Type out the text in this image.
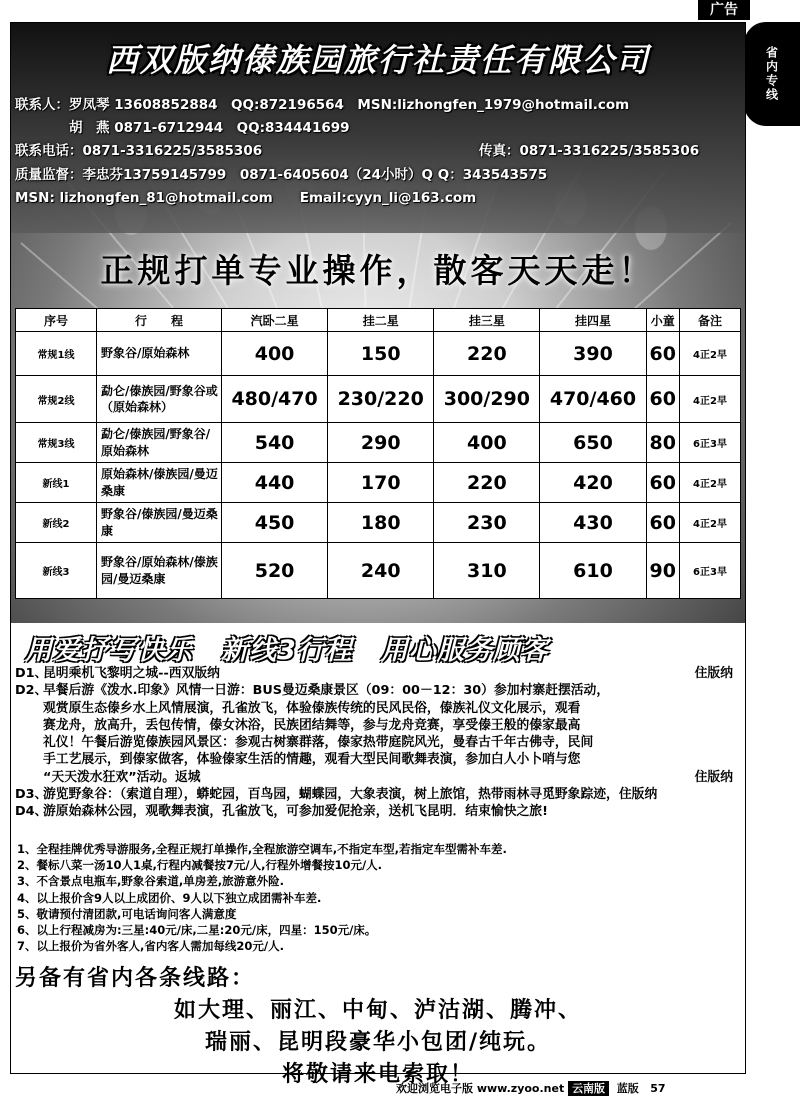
广告
省内专线
西双版纳傣族园旅行社责任有限公司
联系人：罗凤琴 13608852884　QQ:872196564　MSN:lizhongfen_1979@hotmail.com
　　　　胡　燕 0871-6712944　QQ:834441699
联系电话：0871-3316225/3585306	传真：0871-3316225/3585306
质量监督：李忠芬13759145799　0871-6405604（24小时）Q Q：343543575
MSN: lizhongfen_81@hotmail.com　　Email:cyyn_li@163.com
正规打单专业操作，散客天天走！
序号	行　　程	汽卧二星	挂二星	挂三星	挂四星	小童	备注
常规1线	野象谷/原始森林	400	150	220	390	60	4正2早
常规2线	勐仑/傣族园/野象谷或（原始森林）	480/470	230/220	300/290	470/460	60	4正2早
常规3线	勐仑/傣族园/野象谷/原始森林	540	290	400	650	80	6正3早
新线1	原始森林/傣族园/曼迈桑康	440	170	220	420	60	4正2早
新线2	野象谷/傣族园/曼迈桑康	450	180	230	430	60	4正2早
新线3	野象谷/原始森林/傣族园/曼迈桑康	520	240	310	610	90	6正3早
用爱抒写快乐　新线3行程　用心服务顾客
D1、
昆明乘机飞黎明之城--西双版纳	住版纳
D2、
早餐后游《泼水.印象》风情一日游：BUS曼迈桑康景区（09：00－12：30）参加村寨赶摆活动，
观赏原生态傣乡水上风情展演，孔雀放飞，体验傣族传统的民风民俗，傣族礼仪文化展示，观看
赛龙舟，放高升，丢包传情，傣女沐浴，民族团结舞等，参与龙舟竞赛，享受傣王般的傣家最高
礼仪！午餐后游览傣族园风景区：参观古树寨群落，傣家热带庭院风光，曼春古千年古佛寺，民间
手工艺展示，到傣家做客，体验傣家生活的情趣，观看大型民间歌舞表演，参加白人小卜哨与您
“天天泼水狂欢”活动。返城	住版纳
D3、
游览野象谷：（索道自理），蟒蛇园，百鸟园，蝴蝶园，大象表演，树上旅馆，热带雨林寻觅野象踪迹，住版纳
D4、
游原始森林公园，观歌舞表演，孔雀放飞，可参加爱伲抢亲，送机飞昆明．结束愉快之旅!
1、全程挂牌优秀导游服务,全程正规打单操作,全程旅游空调车,不指定车型,若指定车型需补车差.
2、餐标八菜一汤10人1桌,行程内减餐按7元/人,行程外增餐按10元/人.
3、不含景点电瓶车,野象谷索道,单房差,旅游意外险.
4、以上报价含9人以上成团价、9人以下独立成团需补车差.
5、敬请预付清团款,可电话询问客人满意度
6、以上行程减房为:三星:40元/床,二星:20元/床，四星：150元/床。
7、以上报价为省外客人,省内客人需加每线20元/人.
另备有省内各条线路：
如大理、丽江、中甸、泸沽湖、腾冲、
瑞丽、昆明段豪华小包团/纯玩。
将敬请来电索取！
欢迎浏览电子版 www.zyoo.net 云南版 蓝版 57
